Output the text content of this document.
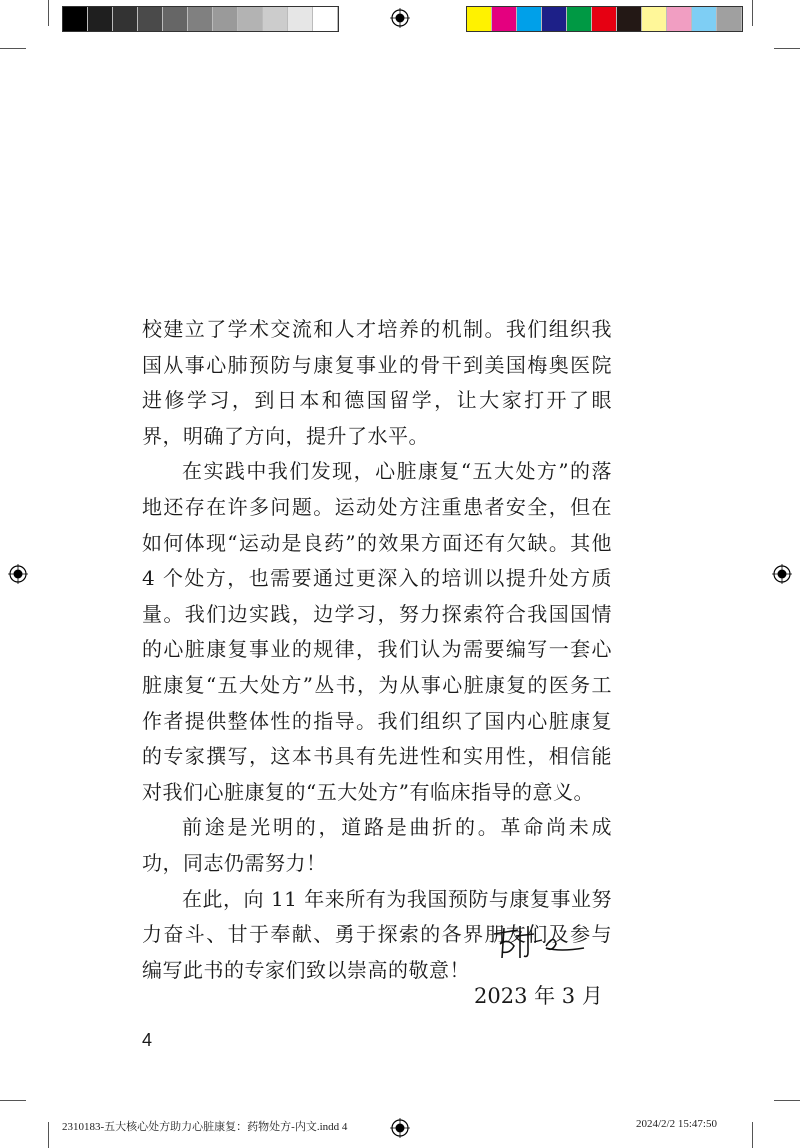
校建立了学术交流和人才培养的机制。我们组织我国从事心肺预防与康复事业的骨干到美国梅奥医院进修学习，到日本和德国留学，让大家打开了眼界，明确了方向，提升了水平。

在实践中我们发现，心脏康复“五大处方”的落地还存在许多问题。运动处方注重患者安全，但在如何体现“运动是良药”的效果方面还有欠缺。其他 4 个处方，也需要通过更深入的培训以提升处方质量。我们边实践，边学习，努力探索符合我国国情的心脏康复事业的规律，我们认为需要编写一套心脏康复“五大处方”丛书，为从事心脏康复的医务工作者提供整体性的指导。我们组织了国内心脏康复的专家撰写，这本书具有先进性和实用性，相信能对我们心脏康复的“五大处方”有临床指导的意义。

前途是光明的，道路是曲折的。革命尚未成功，同志仍需努力！

在此，向 11 年来所有为我国预防与康复事业努力奋斗、甘于奉献、勇于探索的各界朋友们及参与编写此书的专家们致以崇高的敬意！

2023 年 3 月
4
2310183-五大核心处方助力心脏康复：药物处方-内文.indd 4	2024/2/2 15:47:50
